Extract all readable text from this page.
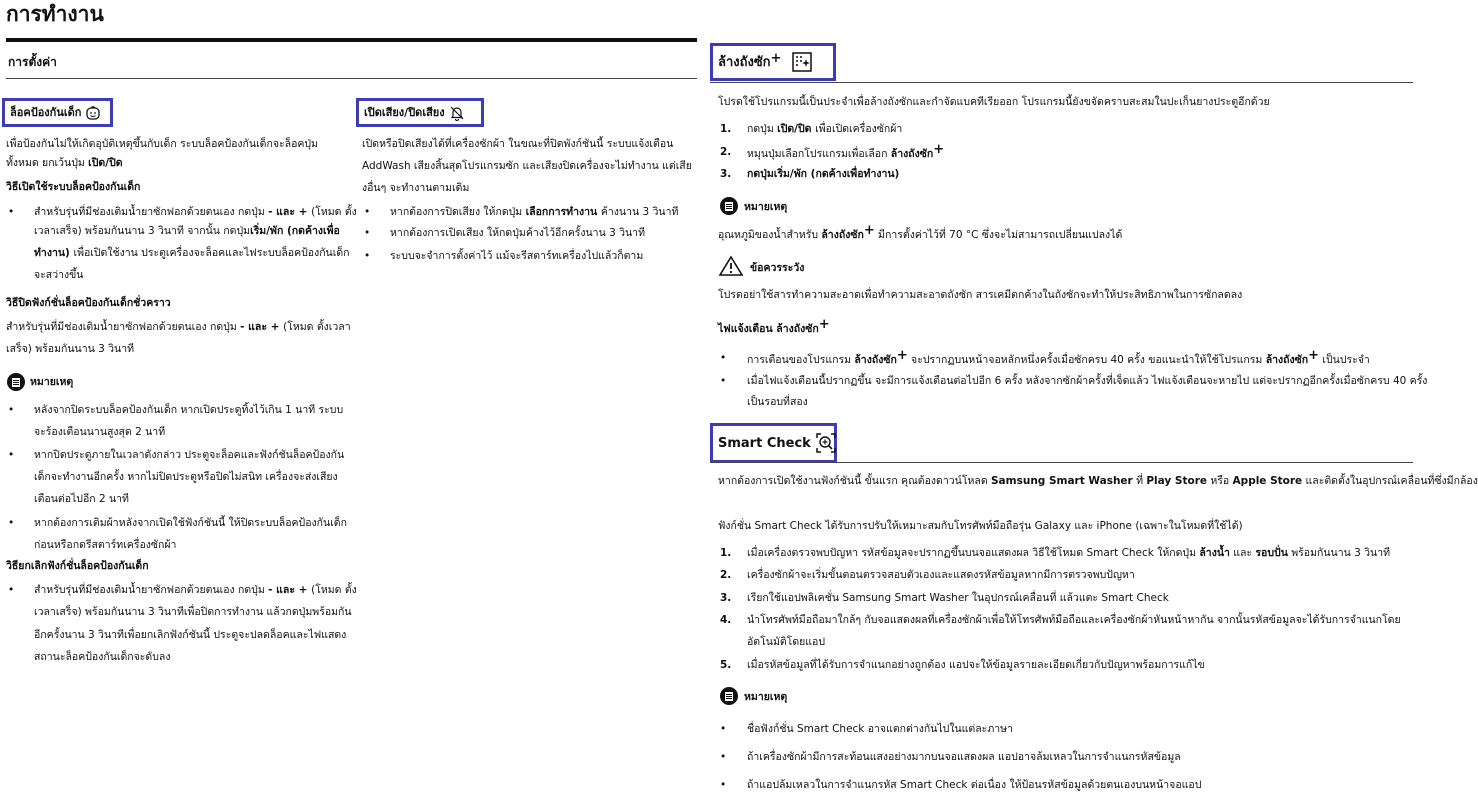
การทำงาน
การตั้งค่า
ล็อคป้องกันเด็ก
เพื่อป้องกันไม่ให้เกิดอุบัติเหตุขึ้นกับเด็ก ระบบล็อคป้องกันเด็กจะล็อคปุ่ม
ทั้งหมด ยกเว้นปุ่ม เปิด/ปิด
วิธีเปิดใช้ระบบล็อคป้องกันเด็ก
• สำหรับรุ่นที่มีช่องเติมน้ำยาซักฟอกด้วยตนเอง กดปุ่ม - และ + (โหมด ตั้ง
เวลาเสร็จ) พร้อมกันนาน 3 วินาที จากนั้น กดปุ่มเริ่ม/พัก (กดค้างเพื่อ
ทำงาน) เพื่อเปิดใช้งาน ประตูเครื่องจะล็อคและไฟระบบล็อคป้องกันเด็ก
จะสว่างขึ้น
วิธีปิดฟังก์ชั่นล็อคป้องกันเด็กชั่วคราว
สำหรับรุ่นที่มีช่องเติมน้ำยาซักฟอกด้วยตนเอง กดปุ่ม - และ + (โหมด ตั้งเวลา
เสร็จ) พร้อมกันนาน 3 วินาที
หมายเหตุ
• หลังจากปิดระบบล็อคป้องกันเด็ก หากเปิดประตูทิ้งไว้เกิน 1 นาที ระบบ
จะร้องเตือนนานสูงสุด 2 นาที
• หากปิดประตูภายในเวลาดังกล่าว ประตูจะล็อคและฟังก์ชันล็อคป้องกัน
เด็กจะทำงานอีกครั้ง หากไม่ปิดประตูหรือปิดไม่สนิท เครื่องจะส่งเสียง
เตือนต่อไปอีก 2 นาที
• หากต้องการเติมผ้าหลังจากเปิดใช้ฟังก์ชันนี้ ให้ปิดระบบล็อคป้องกันเด็ก
ก่อนหรือกดรีสตาร์ทเครื่องซักผ้า
วิธียกเลิกฟังก์ชั่นล็อคป้องกันเด็ก
• สำหรับรุ่นที่มีช่องเติมน้ำยาซักฟอกด้วยตนเอง กดปุ่ม - และ + (โหมด ตั้ง
เวลาเสร็จ) พร้อมกันนาน 3 วินาทีเพื่อปิดการทำงาน แล้วกดปุ่มพร้อมกัน
อีกครั้งนาน 3 วินาทีเพื่อยกเลิกฟังก์ชันนี้ ประตูจะปลดล็อคและไฟแสดง
สถานะล็อคป้องกันเด็กจะดับลง
เปิดเสียง/ปิดเสียง
เปิดหรือปิดเสียงได้ที่เครื่องซักผ้า ในขณะที่ปิดพังก์ชันนี้ ระบบแจ้งเตือน
AddWash เสียงสิ้นสุดโปรแกรมซัก และเสียงปิดเครื่องจะไม่ทำงาน แต่เสีย
งอื่นๆ จะทำงานตามเดิม
• หากต้องการปิดเสียง ให้กดปุ่ม เลือกการทำงาน ค้างนาน 3 วินาที
• หากต้องการเปิดเสียง ให้กดปุ่มค้างไว้อีกครั้งนาน 3 วินาที
• ระบบจะจำการตั้งค่าไว้ แม้จะรีสตาร์ทเครื่องไปแล้วก็ตาม
ล้างถังซัก +
โปรดใช้โปรแกรมนี้เป็นประจำเพื่อล้างถังซักและกำจัดแบคทีเรียออก โปรแกรมนี้ยังขจัดคราบสะสมในปะเก็นยางประตูอีกด้วย
1. กดปุ่ม เปิด/ปิด เพื่อเปิดเครื่องซักผ้า
2. หมุนปุ่มเลือกโปรแกรมเพื่อเลือก ล้างถังซัก+
3. กดปุ่มเริ่ม/พัก (กดค้างเพื่อทำงาน)
หมายเหตุ
อุณหภูมิของน้ำสำหรับ ล้างถังซัก+ มีการตั้งค่าไว้ที่ 70 °C ซึ่งจะไม่สามารถเปลี่ยนแปลงได้
ข้อควรระวัง
โปรดอย่าใช้สารทำความสะอาดเพื่อทำความสะอาดถังซัก สารเคมีตกค้างในถังซักจะทำให้ประสิทธิภาพในการซักลดลง
ไฟแจ้งเตือน ล้างถังซัก+
• การเตือนของโปรแกรม ล้างถังซัก+ จะปรากฏบนหน้าจอหลักหนึ่งครั้งเมื่อซักครบ 40 ครั้ง ขอแนะนำให้ใช้โปรแกรม ล้างถังซัก+ เป็นประจำ
• เมื่อไฟแจ้งเตือนนี้ปรากฏขึ้น จะมีการแจ้งเตือนต่อไปอีก 6 ครั้ง หลังจากซักผ้าครั้งที่เจ็ดแล้ว ไฟแจ้งเตือนจะหายไป แต่จะปรากฏอีกครั้งเมื่อซักครบ 40 ครั้ง
เป็นรอบที่สอง
Smart Check
หากต้องการเปิดใช้งานฟังก์ชันนี้ ขั้นแรก คุณต้องดาวน์โหลด Samsung Smart Washer ที่ Play Store หรือ Apple Store และติดตั้งในอุปกรณ์เคลื่อนที่ซึ่งมีกล้อง
ฟังก์ชั่น Smart Check ได้รับการปรับให้เหมาะสมกับโทรศัพท์มือถือรุ่น Galaxy และ iPhone (เฉพาะในโหมดที่ใช้ได้)
1. เมื่อเครื่องตรวจพบปัญหา รหัสข้อมูลจะปรากฏขึ้นบนจอแสดงผล วิธีใช้โหมด Smart Check ให้กดปุ่ม ล้างน้ำ และ รอบปั่น พร้อมกันนาน 3 วินาที
2. เครื่องซักผ้าจะเริ่มขั้นตอนตรวจสอบตัวเองและแสดงรหัสข้อมูลหากมีการตรวจพบปัญหา
3. เรียกใช้แอปพลิเคชั่น Samsung Smart Washer ในอุปกรณ์เคลื่อนที่ แล้วแตะ Smart Check
4. นำโทรศัพท์มือถือมาใกล้ๆ กับจอแสดงผลที่เครื่องซักผ้าเพื่อให้โทรศัพท์มือถือและเครื่องซักผ้าหันหน้าหากัน จากนั้นรหัสข้อมูลจะได้รับการจำแนกโดย
อัตโนมัติโดยแอป
5. เมื่อรหัสข้อมูลที่ได้รับการจำแนกอย่างถูกต้อง แอปจะให้ข้อมูลรายละเอียดเกี่ยวกับปัญหาพร้อมการแก้ไข
หมายเหตุ
• ชื่อฟังก์ชั่น Smart Check อาจแตกต่างกันไปในแต่ละภาษา
• ถ้าเครื่องซักผ้ามีการสะท้อนแสงอย่างมากบนจอแสดงผล แอปอาจล้มเหลวในการจำแนกรหัสข้อมูล
• ถ้าแอปล้มเหลวในการจำแนกรหัส Smart Check ต่อเนื่อง ให้ป้อนรหัสข้อมูลด้วยตนเองบนหน้าจอแอป
